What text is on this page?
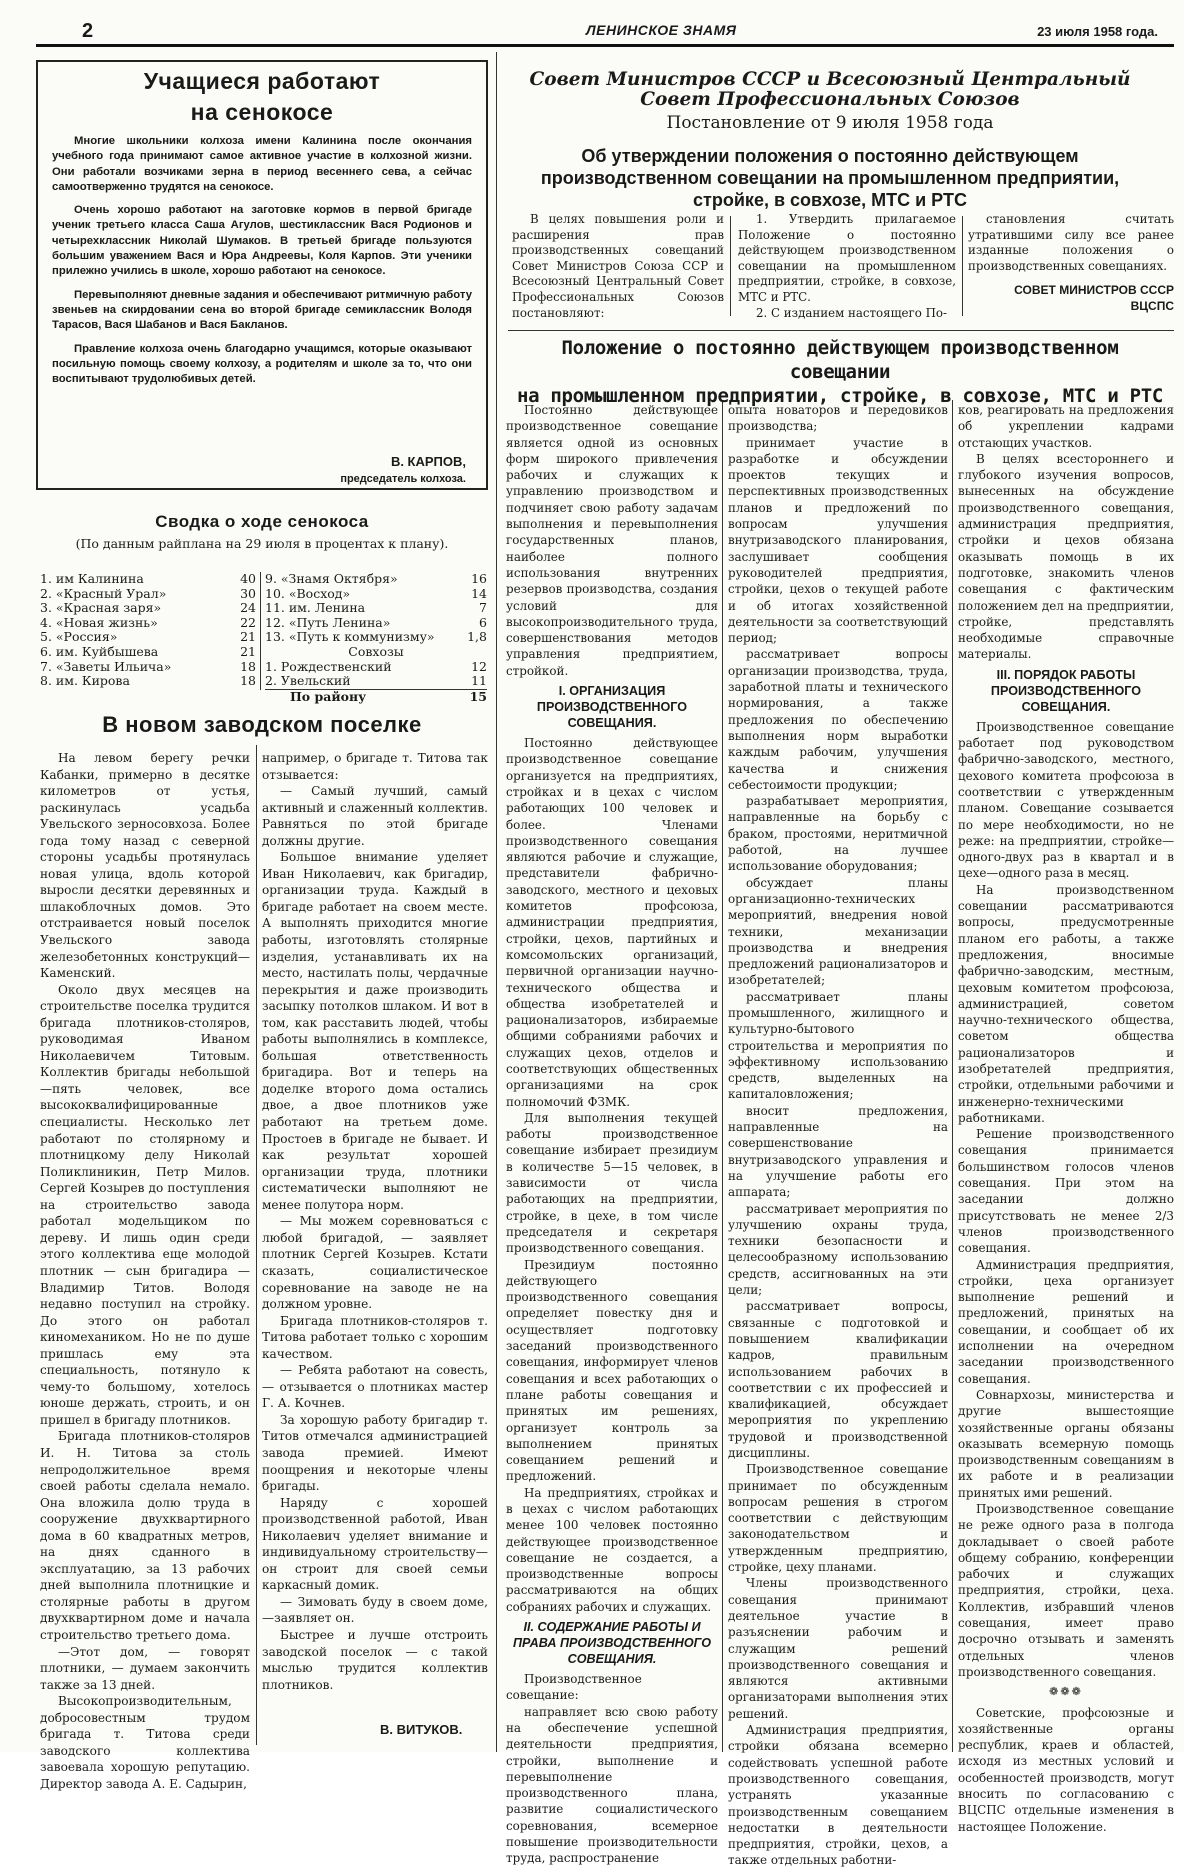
2	ЛЕНИНСКОЕ ЗНАМЯ	23 июля 1958 года.
Учащиеся работают
на сенокосе

Многие школьники колхоза имени Калинина после окончания учебного года принимают самое активное участие в колхозной жизни. Они работали возчиками зерна в период весеннего сева, а сейчас самоотверженно трудятся на сенокосе.

Очень хорошо работают на заготовке кормов в первой бригаде ученик третьего класса Саша Агулов, шестиклассник Вася Родионов и четырехклассник Николай Шумаков. В третьей бригаде пользуются большим уважением Вася и Юра Андреевы, Коля Карпов. Эти ученики прилежно учились в школе, хорошо работают на сенокосе.

Перевыполняют дневные задания и обеспечивают ритмичную работу звеньев на скирдовании сена во второй бригаде семиклассник Володя Тарасов, Вася Шабанов и Вася Бакланов.

Правление колхоза очень благодарно учащимся, которые оказывают посильную помощь своему колхозу, а родителям и школе за то, что они воспитывают трудолюбивых детей.

В. КАРПОВ,
председатель колхоза.
Сводка о ходе сенокоса
(По данным райплана на 29 июля в процентах к плану).
1. им Калинина	40
2. «Красный Урал»	30
3. «Красная заря»	24
4. «Новая жизнь»	22
5. «Россия»	21
6. им. Куйбышева	21
7. «Заветы Ильича»	18
8. им. Кирова	18
9. «Знамя Октября»	16
10. «Восход»	14
11. им. Ленина	7
12. «Путь Ленина»	6
13. «Путь к коммунизму»	1,8
Совхозы
1. Рождественский	12
2. Увельский	11
По району	15
В новом заводском поселке

На левом берегу речки Кабанки, примерно в десятке километров от устья, раскинулась усадьба Увельского зерносовхоза. Более года тому назад с северной стороны усадьбы протянулась новая улица, вдоль которой выросли десятки деревянных и шлакоблочных домов. Это отстраивается новый поселок Увельского завода железобетонных конструкций—Каменский.

Около двух месяцев на строительстве поселка трудится бригада плотников-столяров, руководимая Иваном Николаевичем Титовым. Коллектив бригады небольшой—пять человек, все высококвалифицированные специалисты. Несколько лет работают по столярному и плотницкому делу Николай Поликлиникин, Петр Милов. Сергей Козырев до поступления на строительство завода работал модельщиком по дереву. И лишь один среди этого коллектива еще молодой плотник — сын бригадира — Владимир Титов. Володя недавно поступил на стройку. До этого он работал киномехаником. Но не по душе пришлась ему эта специальность, потянуло к чему-то большому, хотелось юноше держать, строить, и он пришел в бригаду плотников.

Бригада плотников-столяров И. Н. Титова за столь непродолжительное время своей работы сделала немало. Она вложила долю труда в сооружение двухквартирного дома в 60 квадратных метров, на днях сданного в эксплуатацию, за 13 рабочих дней выполнила плотницкие и столярные работы в другом двухквартирном доме и начала строительство третьего дома.

—Этот дом, — говорят плотники, — думаем закончить также за 13 дней.

Высокопроизводительным, добросовестным трудом бригада т. Титова среди заводского коллектива завоевала хорошую репутацию. Директор завода А. Е. Садырин,

например, о бригаде т. Титова так отзывается:

— Самый лучший, самый активный и слаженный коллектив. Равняться по этой бригаде должны другие.

Большое внимание уделяет Иван Николаевич, как бригадир, организации труда. Каждый в бригаде работает на своем месте. А выполнять приходится многие работы, изготовлять столярные изделия, устанавливать их на место, настилать полы, чердачные перекрытия и даже производить засыпку потолков шлаком. И вот в том, как расставить людей, чтобы работы выполнялись в комплексе, большая ответственность бригадира. Вот и теперь на доделке второго дома остались двое, а двое плотников уже работают на третьем доме. Простоев в бригаде не бывает. И как результат хорошей организации труда, плотники систематически выполняют не менее полутора норм.

— Мы можем соревноваться с любой бригадой, — заявляет плотник Сергей Козырев. Кстати сказать, социалистическое соревнование на заводе не на должном уровне.

Бригада плотников-столяров т. Титова работает только с хорошим качеством.

— Ребята работают на совесть, — отзывается о плотниках мастер Г. А. Кочнев.

За хорошую работу бригадир т. Титов отмечался администрацией завода премией. Имеют поощрения и некоторые члены бригады.

Наряду с хорошей производственной работой, Иван Николаевич уделяет внимание и индивидуальному строительству— он строит для своей семьи каркасный домик.

— Зимовать буду в своем доме,—заявляет он.

Быстрее и лучше отстроить заводской поселок — с такой мыслью трудится коллектив плотников.

В. ВИТУКОВ.
Совет Министров СССР и Всесоюзный Центральный
Совет Профессиональных Союзов
Постановление от 9 июля 1958 года
Об утверждении положения о постоянно действующем производственном совещании на промышленном предприятии, стройке, в совхозе, МТС и РТС

В целях повышения роли и расширения прав производственных совещаний Совет Министров Союза ССР и Всесоюзный Центральный Совет Профессиональных Союзов постановляют:

1. Утвердить прилагаемое Положение о постоянно действующем производственном совещании на промышленном предприятии, стройке, в совхозе, МТС и РТС.

2. С изданием настоящего По-

становления считать утратившими силу все ранее изданные положения о производственных совещаниях.

СОВЕТ МИНИСТРОВ СССР
ВЦСПС
Положение о постоянно действующем производственном совещании
на промышленном предприятии, стройке, в совхозе, МТС и РТС

Постоянно действующее производственное совещание является одной из основных форм широкого привлечения рабочих и служащих к управлению производством и подчиняет свою работу задачам выполнения и перевыполнения государственных планов, наиболее полного использования внутренних резервов производства, создания условий для высокопроизводительного труда, совершенствования методов управления предприятием, стройкой.

I. ОРГАНИЗАЦИЯ ПРОИЗВОДСТВЕННОГО СОВЕЩАНИЯ.

Постоянно действующее производственное совещание организуется на предприятиях, стройках и в цехах с числом работающих 100 человек и более. Членами производственного совещания являются рабочие и служащие, представители фабрично-заводского, местного и цеховых комитетов профсоюза, администрации предприятия, стройки, цехов, партийных и комсомольских организаций, первичной организации научно-технического общества и общества изобретателей и рационализаторов, избираемые общими собраниями рабочих и служащих цехов, отделов и соответствующих общественных организациями на срок полномочий ФЗМК.

Для выполнения текущей работы производственное совещание избирает президиум в количестве 5—15 человек, в зависимости от числа работающих на предприятии, стройке, в цехе, в том числе председателя и секретаря производственного совещания.

Президиум постоянно действующего производственного совещания определяет повестку дня и осуществляет подготовку заседаний производственного совещания, информирует членов совещания и всех работающих о плане работы совещания и принятых им решениях, организует контроль за выполнением принятых совещанием решений и предложений.

На предприятиях, стройках и в цехах с числом работающих менее 100 человек постоянно действующее производственное совещание не создается, а производственные вопросы рассматриваются на общих собраниях рабочих и служащих.

II. СОДЕРЖАНИЕ РАБОТЫ И ПРАВА ПРОИЗВОДСТВЕННОГО СОВЕЩАНИЯ.

Производственное совещание:

направляет всю свою работу на обеспечение успешной деятельности предприятия, стройки, выполнение и перевыполнение производственного плана, развитие социалистического соревнования, всемерное повышение производительности труда, распространение

опыта новаторов и передовиков производства;

принимает участие в разработке и обсуждении проектов текущих и перспективных производственных планов и предложений по вопросам улучшения внутризаводского планирования, заслушивает сообщения руководителей предприятия, стройки, цехов о текущей работе и об итогах хозяйственной деятельности за соответствующий период;

рассматривает вопросы организации производства, труда, заработной платы и технического нормирования, а также предложения по обеспечению выполнения норм выработки каждым рабочим, улучшения качества и снижения себестоимости продукции;

разрабатывает мероприятия, направленные на борьбу с браком, простоями, неритмичной работой, на лучшее использование оборудования;

обсуждает планы организационно-технических мероприятий, внедрения новой техники, механизации производства и внедрения предложений рационализаторов и изобретателей;

рассматривает планы промышленного, жилищного и культурно-бытового строительства и мероприятия по эффективному использованию средств, выделенных на капиталовложения;

вносит предложения, направленные на совершенствование внутризаводского управления и на улучшение работы его аппарата;

рассматривает мероприятия по улучшению охраны труда, техники безопасности и целесообразному использованию средств, ассигнованных на эти цели;

рассматривает вопросы, связанные с подготовкой и повышением квалификации кадров, правильным использованием рабочих в соответствии с их профессией и квалификацией, обсуждает мероприятия по укреплению трудовой и производственной дисциплины.

Производственное совещание принимает по обсужденным вопросам решения в строгом соответствии с действующим законодательством и утвержденным предприятию, стройке, цеху планами.

Члены производственного совещания принимают деятельное участие в разъяснении рабочим и служащим решений производственного совещания и являются активными организаторами выполнения этих решений.

Администрация предприятия, стройки обязана всемерно содействовать успешной работе производственного совещания, устранять указанные производственным совещанием недостатки в деятельности предприятия, стройки, цехов, а также отдельных работни-

ков, реагировать на предложения об укреплении кадрами отстающих участков.

В целях всестороннего и глубокого изучения вопросов, вынесенных на обсуждение производственного совещания, администрация предприятия, стройки и цехов обязана оказывать помощь в их подготовке, знакомить членов совещания с фактическим положением дел на предприятии, стройке, представлять необходимые справочные материалы.

III. ПОРЯДОК РАБОТЫ ПРОИЗВОДСТВЕННОГО СОВЕЩАНИЯ.

Производственное совещание работает под руководством фабрично-заводского, местного, цехового комитета профсоюза в соответствии с утвержденным планом. Совещание созывается по мере необходимости, но не реже: на предприятии, стройке—одного-двух раз в квартал и в цехе—одного раза в месяц.

На производственном совещании рассматриваются вопросы, предусмотренные планом его работы, а также предложения, вносимые фабрично-заводским, местным, цеховым комитетом профсоюза, администрацией, советом научно-технического общества, советом общества рационализаторов и изобретателей предприятия, стройки, отдельными рабочими и инженерно-техническими работниками.

Решение производственного совещания принимается большинством голосов членов совещания. При этом на заседании должно присутствовать не менее 2/3 членов производственного совещания.

Администрация предприятия, стройки, цеха организует выполнение решений и предложений, принятых на совещании, и сообщает об их исполнении на очередном заседании производственного совещания.

Совнархозы, министерства и другие вышестоящие хозяйственные органы обязаны оказывать всемерную помощь производственным совещаниям в их работе и в реализации принятых ими решений.

Производственное совещание не реже одного раза в полгода докладывает о своей работе общему собранию, конференции рабочих и служащих предприятия, стройки, цеха. Коллектив, избравший членов совещания, имеет право досрочно отзывать и заменять отдельных членов производственного совещания.

❁❁❁

Советские, профсоюзные и хозяйственные органы республик, краев и областей, исходя из местных условий и особенностей производств, могут вносить по согласованию с ВЦСПС отдельные изменения в настоящее Положение.
